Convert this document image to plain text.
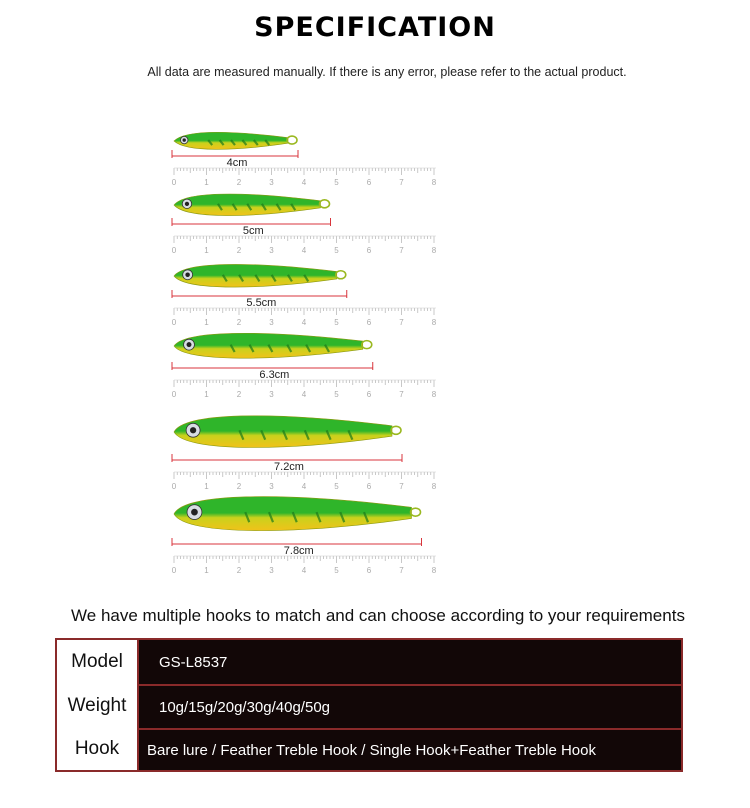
SPECIFICATION
All data are measured manually. If there is any error, please refer to the actual product.
4cm
0	1	2	3	4	5	6	7	8
5cm
0	1	2	3	4	5	6	7	8
5.5cm
0	1	2	3	4	5	6	7	8
6.3cm
0	1	2	3	4	5	6	7	8
7.2cm
0	1	2	3	4	5	6	7	8
7.8cm
0	1	2	3	4	5	6	7	8
We have multiple hooks to match and can choose according to your requirements
Model	GS-L8537
Weight	10g/15g/20g/30g/40g/50g
Hook	Bare lure / Feather Treble Hook / Single Hook+Feather Treble Hook
